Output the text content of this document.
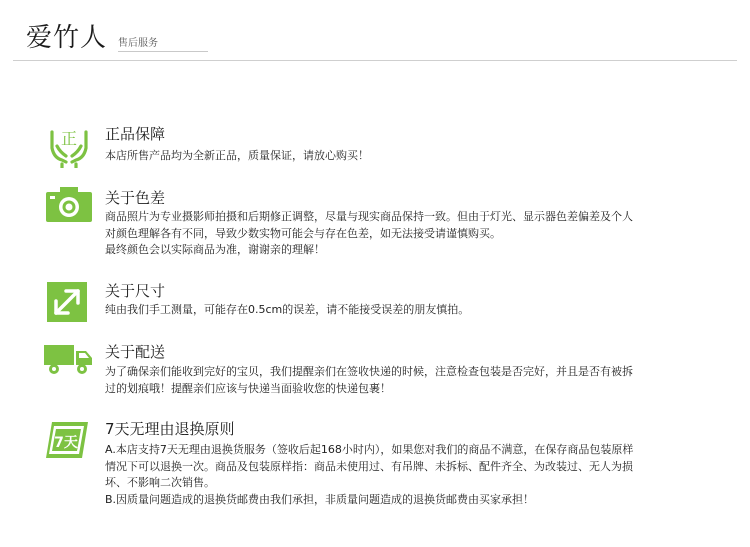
爱竹人 售后服务
正 正品保障
本店所售产品均为全新正品，质量保证，请放心购买！
关于色差
商品照片为专业摄影师拍摄和后期修正调整，尽量与现实商品保持一致。但由于灯光、显示器色差偏差及个人
对颜色理解各有不同，导致少数实物可能会与存在色差，如无法接受请谨慎购买。
最终颜色会以实际商品为准，谢谢亲的理解！
关于尺寸
纯由我们手工测量，可能存在0.5cm的误差，请不能接受误差的朋友慎拍。
关于配送
为了确保亲们能收到完好的宝贝，我们提醒亲们在签收快递的时候，注意检查包装是否完好，并且是否有被拆
过的划痕哦！提醒亲们应该与快递当面验收您的快递包裹！
7天
7天无理由退换原则
A.本店支持7天无理由退换货服务（签收后起168小时内），如果您对我们的商品不满意，在保存商品包装原样
情况下可以退换一次。商品及包装原样指：商品未使用过、有吊牌、未拆标、配件齐全、为改装过、无人为损
坏、不影响二次销售。
B.因质量问题造成的退换货邮费由我们承担，非质量问题造成的退换货邮费由买家承担！
